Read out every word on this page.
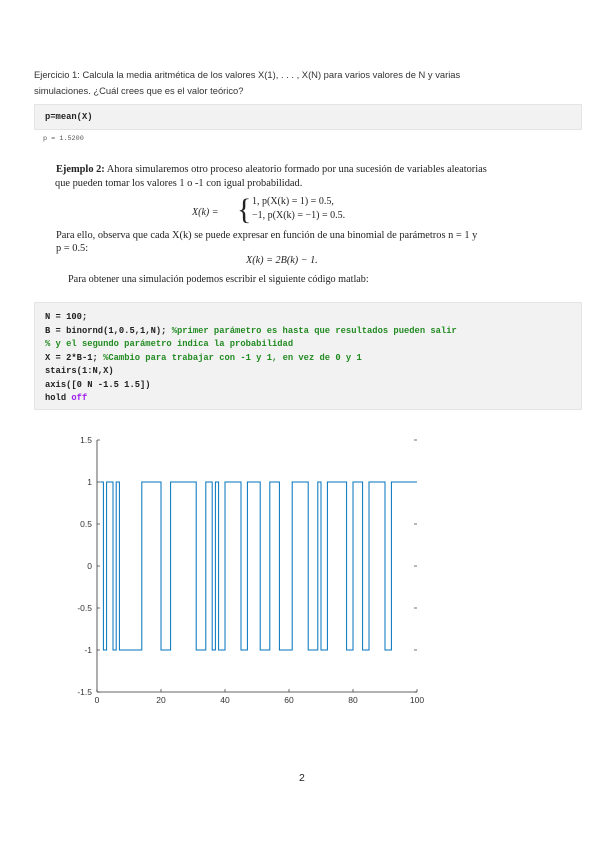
Ejercicio 1: Calcula la media aritmética de los valores X(1), . . . , X(N) para varios valores de N y varias
simulaciones. ¿Cuál crees que es el valor teórico?
p=mean(X)
p = 1.5200
Ejemplo 2: Ahora simularemos otro proceso aleatorio formado por una sucesión de variables aleatorias
que pueden tomar los valores 1 o -1 con igual probabilidad.
X(k) = { 1, p(X(k) = 1) = 0.5,
−1, p(X(k) = −1) = 0.5.
Para ello, observa que cada X(k) se puede expresar en función de una binomial de parámetros n = 1 y
p = 0.5:
X(k) = 2B(k) − 1.
Para obtener una simulación podemos escribir el siguiente código matlab:
N = 100;
B = binornd(1,0.5,1,N); %primer parámetro es hasta que resultados pueden salir
% y el segundo parámetro indica la probabilidad
X = 2*B-1; %Cambio para trabajar con -1 y 1, en vez de 0 y 1
stairs(1:N,X)
axis([0 N -1.5 1.5])
hold off
1.5
1
0.5
0
-0.5
-1
-1.5
0	20	40	60	80	100
2
